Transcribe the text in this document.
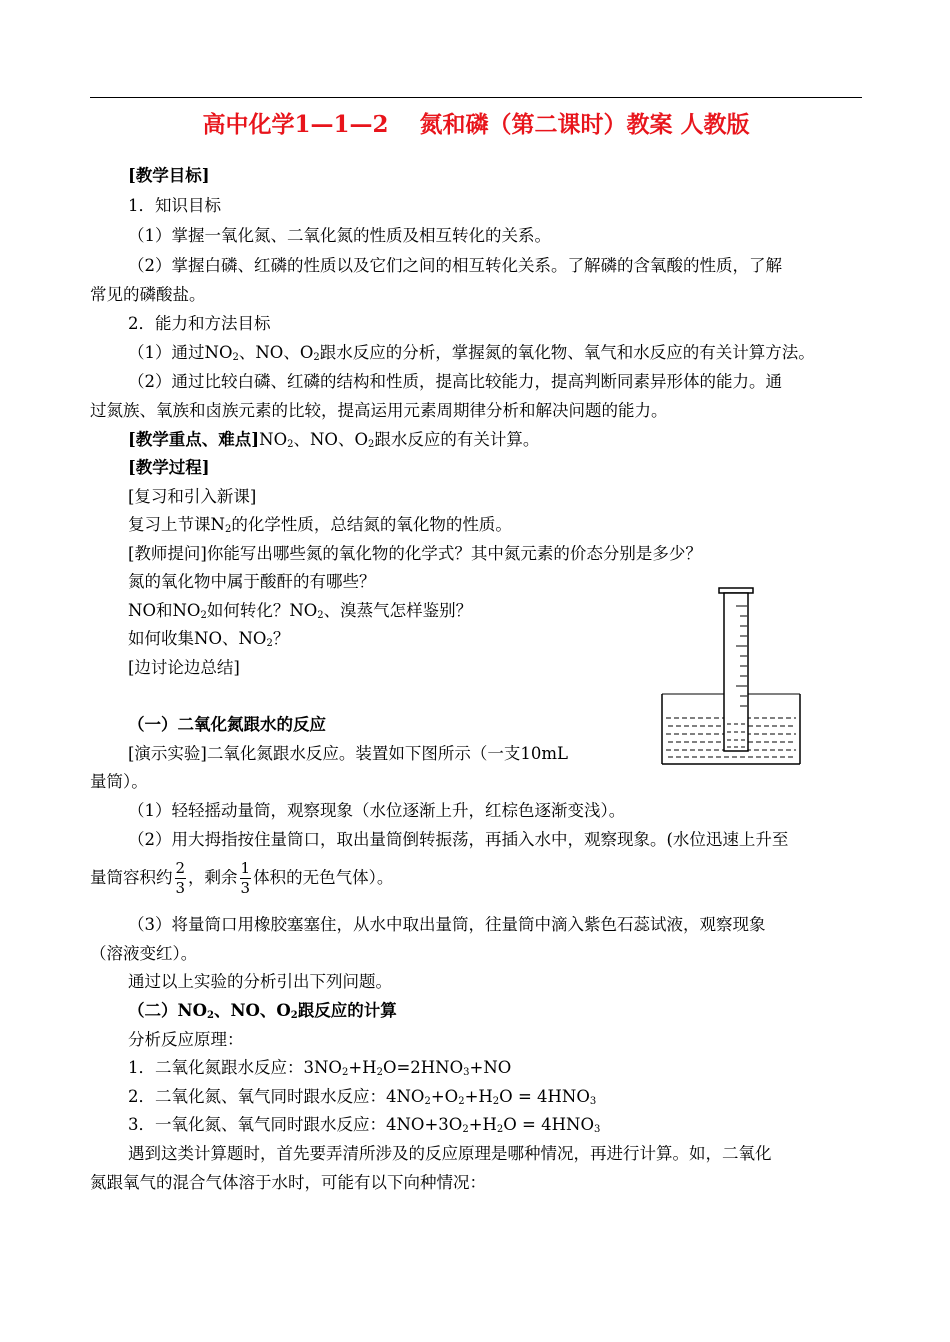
高中化学1—1—2　 氮和磷（第二课时）教案 人教版
[教学目标]
1．知识目标
（1）掌握一氧化氮、二氧化氮的性质及相互转化的关系。
（2）掌握白磷、红磷的性质以及它们之间的相互转化关系。了解磷的含氧酸的性质，了解
常见的磷酸盐。
2．能力和方法目标
（1）通过$NO_2$、NO、$O_2$跟水反应的分析，掌握氮的氧化物、氧气和水反应的有关计算方法。
（2）通过比较白磷、红磷的结构和性质，提高比较能力，提高判断同素异形体的能力。通
过氮族、氧族和卤族元素的比较，提高运用元素周期律分析和解决问题的能力。
[教学重点、难点]$NO_2$、NO、$O_2$跟水反应的有关计算。
[教学过程]
[复习和引入新课]
复习上节课$N_2$的化学性质，总结氮的氧化物的性质。
[教师提问]你能写出哪些氮的氧化物的化学式？其中氮元素的价态分别是多少？
氮的氧化物中属于酸酐的有哪些？
NO和$NO_2$如何转化？$NO_2$、溴蒸气怎样鉴别？
如何收集NO、$NO_2$？
[边讨论边总结]
（一）二氧化氮跟水的反应
[演示实验]二氧化氮跟水反应。装置如下图所示（一支10mL
量筒）。
（1）轻轻摇动量筒，观察现象（水位逐渐上升，红棕色逐渐变浅）。
（2）用大拇指按住量筒口，取出量筒倒转振荡，再插入水中，观察现象。(水位迅速上升至
量筒容积约 $\frac{2}{3}$ ，剩余 $\frac{1}{3}$ 体积的无色气体）。
（3）将量筒口用橡胶塞塞住，从水中取出量筒，往量筒中滴入紫色石蕊试液，观察现象
（溶液变红）。
通过以上实验的分析引出下列问题。
（二）$NO_2$、NO、$O_2$跟反应的计算
分析反应原理：
1．二氧化氮跟水反应：$3NO_2+H_2O=2HNO_3+NO$
2．二氧化氮、氧气同时跟水反应：$4NO_2+O_2+H_2O = 4HNO_3$
3．一氧化氮、氧气同时跟水反应：$4NO+3O_2+H_2O = 4HNO_3$
遇到这类计算题时，首先要弄清所涉及的反应原理是哪种情况，再进行计算。如，二氧化
氮跟氧气的混合气体溶于水时，可能有以下向种情况：
